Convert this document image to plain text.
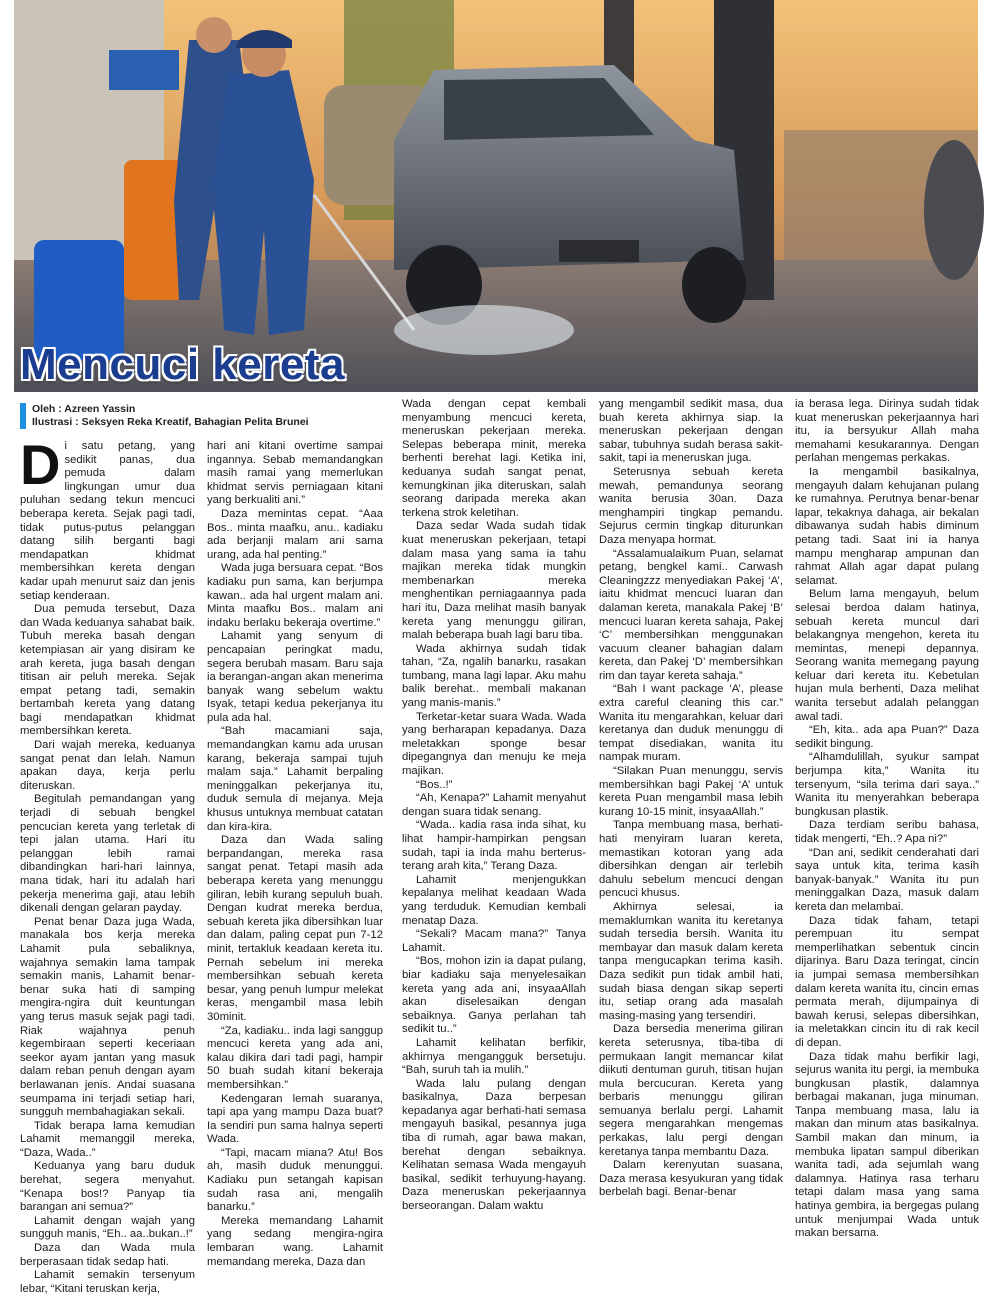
Mencuci kereta
Oleh : Azreen Yassin
Ilustrasi : Seksyen Reka Kreatif, Bahagian Pelita Brunei
D i satu petang, yang sedikit panas, dua pemuda dalam lingkungan umur dua puluhan sedang tekun mencuci beberapa kereta. Sejak pagi tadi, tidak putus-putus pelanggan datang silih berganti bagi mendapatkan khidmat membersihkan kereta dengan kadar upah menurut saiz dan jenis setiap kenderaan.

Dua pemuda tersebut, Daza dan Wada keduanya sahabat baik. Tubuh mereka basah dengan ketempiasan air yang disiram ke arah kereta, juga basah dengan titisan air peluh mereka. Sejak empat petang tadi, semakin bertambah kereta yang datang bagi mendapatkan khidmat membersihkan kereta.

Dari wajah mereka, keduanya sangat penat dan lelah. Namun apakan daya, kerja perlu diteruskan.

Begitulah pemandangan yang terjadi di sebuah bengkel pencucian kereta yang terletak di tepi jalan utama. Hari itu pelanggan lebih ramai dibandingkan hari-hari lainnya, mana tidak, hari itu adalah hari pekerja menerima gaji, atau lebih dikenali dengan gelaran payday.

Penat benar Daza juga Wada, manakala bos kerja mereka Lahamit pula sebaliknya, wajahnya semakin lama tampak semakin manis, Lahamit benar-benar suka hati di samping mengira-ngira duit keuntungan yang terus masuk sejak pagi tadi. Riak wajahnya penuh kegembiraan seperti keceriaan seekor ayam jantan yang masuk dalam reban penuh dengan ayam berlawanan jenis. Andai suasana seumpama ini terjadi setiap hari, sungguh membahagiakan sekali.

Tidak berapa lama kemudian Lahamit memanggil mereka, “Daza, Wada..”

Keduanya yang baru duduk berehat, segera menyahut. “Kenapa bos!? Panyap tia barangan ani semua?”

Lahamit dengan wajah yang sungguh manis, “Eh.. aa..bukan..!”

Daza dan Wada mula berperasaan tidak sedap hati.

Lahamit semakin tersenyum lebar, “Kitani teruskan kerja,

hari ani kitani overtime sampai ingannya. Sebab memandangkan masih ramai yang memerlukan khidmat servis perniagaan kitani yang berkualiti ani.”

Daza memintas cepat. “Aaa Bos.. minta maafku, anu.. kadiaku ada berjanji malam ani sama urang, ada hal penting.”

Wada juga bersuara cepat. “Bos kadiaku pun sama, kan berjumpa kawan.. ada hal urgent malam ani. Minta maafku Bos.. malam ani indaku berlaku bekeraja overtime.”

Lahamit yang senyum di pencapaian peringkat madu, segera berubah masam. Baru saja ia berangan-angan akan menerima banyak wang sebelum waktu Isyak, tetapi kedua pekerjanya itu pula ada hal.

“Bah macamiani saja, memandangkan kamu ada urusan karang, bekeraja sampai tujuh malam saja.” Lahamit berpaling meninggalkan pekerjanya itu, duduk semula di mejanya. Meja khusus untuknya membuat catatan dan kira-kira.

Daza dan Wada saling berpandangan, mereka rasa sangat penat. Tetapi masih ada beberapa kereta yang menunggu giliran, lebih kurang sepuluh buah. Dengan kudrat mereka berdua, sebuah kereta jika dibersihkan luar dan dalam, paling cepat pun 7-12 minit, tertakluk keadaan kereta itu. Pernah sebelum ini mereka membersihkan sebuah kereta besar, yang penuh lumpur melekat keras, mengambil masa lebih 30minit.

“Za, kadiaku.. inda lagi sanggup mencuci kereta yang ada ani, kalau dikira dari tadi pagi, hampir 50 buah sudah kitani bekeraja membersihkan.”

Kedengaran lemah suaranya, tapi apa yang mampu Daza buat? Ia sendiri pun sama halnya seperti Wada.

“Tapi, macam miana? Atu! Bos ah, masih duduk menunggui. Kadiaku pun setangah kapisan sudah rasa ani, mengalih banarku.”

Mereka memandang Lahamit yang sedang mengira-ngira lembaran wang. Lahamit memandang mereka, Daza dan

Wada dengan cepat kembali menyambung mencuci kereta, meneruskan pekerjaan mereka. Selepas beberapa minit, mereka berhenti berehat lagi. Ketika ini, keduanya sudah sangat penat, kemungkinan jika diteruskan, salah seorang daripada mereka akan terkena strok keletihan.

Daza sedar Wada sudah tidak kuat meneruskan pekerjaan, tetapi dalam masa yang sama ia tahu majikan mereka tidak mungkin membenarkan mereka menghentikan perniagaannya pada hari itu, Daza melihat masih banyak kereta yang menunggu giliran, malah beberapa buah lagi baru tiba.

Wada akhirnya sudah tidak tahan, “Za, ngalih banarku, rasakan tumbang, mana lagi lapar. Aku mahu balik berehat.. membali makanan yang manis-manis.”

Terketar-ketar suara Wada. Wada yang berharapan kepadanya. Daza meletakkan sponge besar dipegangnya dan menuju ke meja majikan.

“Bos..!”

“Ah, Kenapa?” Lahamit menyahut dengan suara tidak senang.

“Wada.. kadia rasa inda sihat, ku lihat hampir-hampirkan pengsan sudah, tapi ia inda mahu berterus-terang arah kita,” Terang Daza.

Lahamit menjengukkan kepalanya melihat keadaan Wada yang terduduk. Kemudian kembali menatap Daza.

“Sekali? Macam mana?” Tanya Lahamit.

“Bos, mohon izin ia dapat pulang, biar kadiaku saja menyelesaikan kereta yang ada ani, insyaaAllah akan diselesaikan dengan sebaiknya. Ganya perlahan tah sedikit tu..”

Lahamit kelihatan berfikir, akhirnya mengangguk bersetuju. “Bah, suruh tah ia mulih.”

Wada lalu pulang dengan basikalnya, Daza berpesan kepadanya agar berhati-hati semasa mengayuh basikal, pesannya juga tiba di rumah, agar bawa makan, berehat dengan sebaiknya. Kelihatan semasa Wada mengayuh basikal, sedikit terhuyung-hayang. Daza meneruskan pekerjaannya berseorangan. Dalam waktu

yang mengambil sedikit masa, dua buah kereta akhirnya siap. Ia meneruskan pekerjaan dengan sabar, tubuhnya sudah berasa sakit-sakit, tapi ia meneruskan juga.

Seterusnya sebuah kereta mewah, pemandunya seorang wanita berusia 30an. Daza menghampiri tingkap pemandu. Sejurus cermin tingkap diturunkan Daza menyapa hormat.

“Assalamualaikum Puan, selamat petang, bengkel kami.. Carwash Cleaningzzz menyediakan Pakej ‘A’, iaitu khidmat mencuci luaran dan dalaman kereta, manakala Pakej ‘B’ mencuci luaran kereta sahaja, Pakej ‘C’ membersihkan menggunakan vacuum cleaner bahagian dalam kereta, dan Pakej ‘D’ membersihkan rim dan tayar kereta sahaja.”

“Bah I want package ‘A’, please extra careful cleaning this car.” Wanita itu mengarahkan, keluar dari keretanya dan duduk menunggu di tempat disediakan, wanita itu nampak muram.

“Silakan Puan menunggu, servis membersihkan bagi Pakej ‘A’ untuk kereta Puan mengambil masa lebih kurang 10-15 minit, insyaaAllah.”

Tanpa membuang masa, berhati-hati menyiram luaran kereta, memastikan kotoran yang ada dibersihkan dengan air terlebih dahulu sebelum mencuci dengan pencuci khusus.

Akhirnya selesai, ia memaklumkan wanita itu keretanya sudah tersedia bersih. Wanita itu membayar dan masuk dalam kereta tanpa mengucapkan terima kasih. Daza sedikit pun tidak ambil hati, sudah biasa dengan sikap seperti itu, setiap orang ada masalah masing-masing yang tersendiri.

Daza bersedia menerima giliran kereta seterusnya, tiba-tiba di permukaan langit memancar kilat diikuti dentuman guruh, titisan hujan mula bercucuran. Kereta yang berbaris menunggu giliran semuanya berlalu pergi. Lahamit segera mengarahkan mengemas perkakas, lalu pergi dengan keretanya tanpa membantu Daza.

Dalam kerenyutan suasana, Daza merasa kesyukuran yang tidak berbelah bagi. Benar-benar

ia berasa lega. Dirinya sudah tidak kuat meneruskan pekerjaannya hari itu, ia bersyukur Allah maha memahami kesukarannya. Dengan perlahan mengemas perkakas.

Ia mengambil basikalnya, mengayuh dalam kehujanan pulang ke rumahnya. Perutnya benar-benar lapar, tekaknya dahaga, air bekalan dibawanya sudah habis diminum petang tadi. Saat ini ia hanya mampu mengharap ampunan dan rahmat Allah agar dapat pulang selamat.

Belum lama mengayuh, belum selesai berdoa dalam hatinya, sebuah kereta muncul dari belakangnya mengehon, kereta itu memintas, menepi depannya. Seorang wanita memegang payung keluar dari kereta itu. Kebetulan hujan mula berhenti, Daza melihat wanita tersebut adalah pelanggan awal tadi.

“Eh, kita.. ada apa Puan?” Daza sedikit bingung.

“Alhamdulillah, syukur sampat berjumpa kita,” Wanita itu tersenyum, “sila terima dari saya..” Wanita itu menyerahkan beberapa bungkusan plastik.

Daza terdiam seribu bahasa, tidak mengerti, “Eh..? Apa ni?”

“Dan ani, sedikit cenderahati dari saya untuk kita, terima kasih banyak-banyak.” Wanita itu pun meninggalkan Daza, masuk dalam kereta dan melambai.

Daza tidak faham, tetapi perempuan itu sempat memperlihatkan sebentuk cincin dijarinya. Baru Daza teringat, cincin ia jumpai semasa membersihkan dalam kereta wanita itu, cincin emas permata merah, dijumpainya di bawah kerusi, selepas dibersihkan, ia meletakkan cincin itu di rak kecil di depan.

Daza tidak mahu berfikir lagi, sejurus wanita itu pergi, ia membuka bungkusan plastik, dalamnya berbagai makanan, juga minuman. Tanpa membuang masa, lalu ia makan dan minum atas basikalnya. Sambil makan dan minum, ia membuka lipatan sampul diberikan wanita tadi, ada sejumlah wang dalamnya. Hatinya rasa terharu tetapi dalam masa yang sama hatinya gembira, ia bergegas pulang untuk menjumpai Wada untuk makan bersama.
